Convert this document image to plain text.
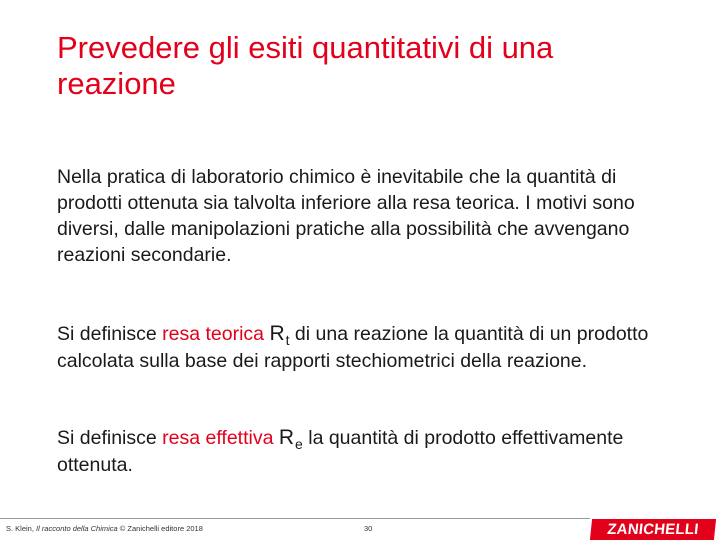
Prevedere gli esiti quantitativi di una reazione

Nella pratica di laboratorio chimico è inevitabile che la quantità di prodotti ottenuta sia talvolta inferiore alla resa teorica. I motivi sono diversi, dalle manipolazioni pratiche alla possibilità che avvengano reazioni secondarie.

Si definisce resa teorica $R_t$ di una reazione la quantità di un prodotto calcolata sulla base dei rapporti stechiometrici della reazione.

Si definisce resa effettiva $R_e$ la quantità di prodotto effettivamente ottenuta.

S. Klein, Il racconto della Chimica © Zanichelli editore 2018	30	ZANICHELLI
